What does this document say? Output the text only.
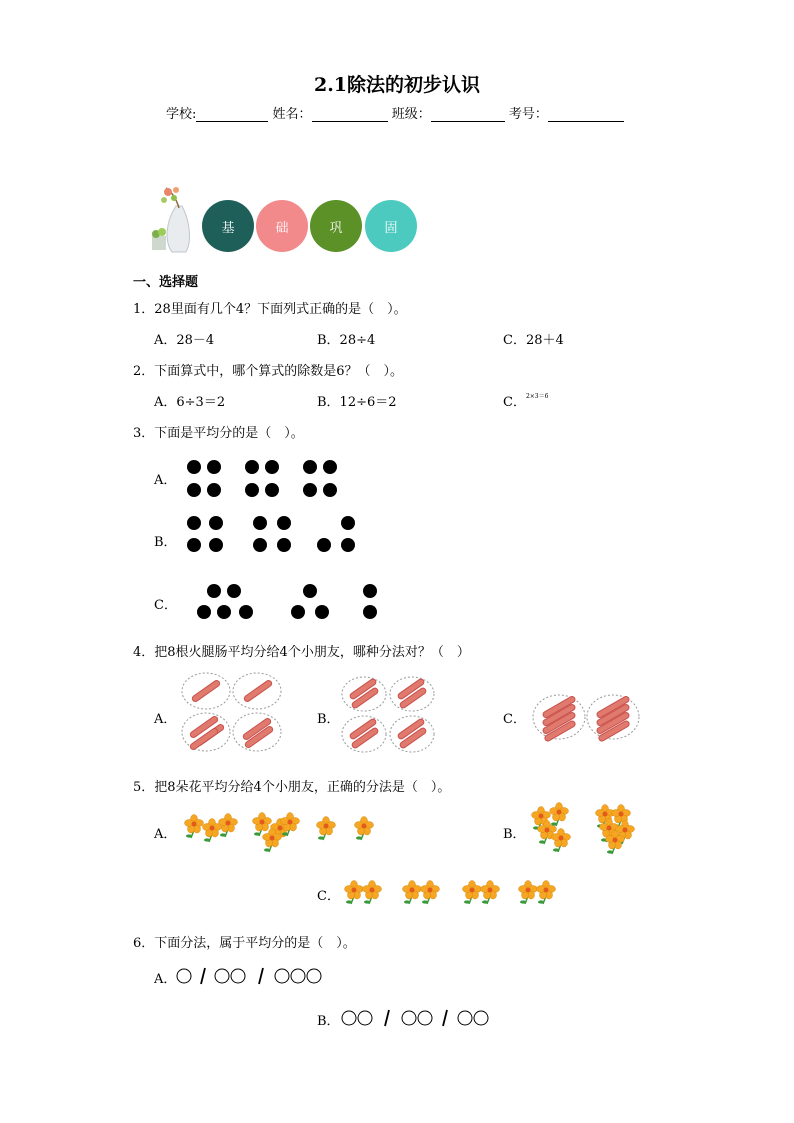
2.1除法的初步认识
学校:	姓名：	班级：	考号：
基	础	巩	固
一、选择题
1．28里面有几个4？下面列式正确的是（　）。
A．28－4	B．28÷4	C．28＋4
2．下面算式中，哪个算式的除数是6？（　）。
A．6÷3＝2	B．12÷6＝2	C．$^{2\times 3=6}$
3．下面是平均分的是（　）。
A．
B．
C．
4．把8根火腿肠平均分给4个小朋友，哪种分法对？（　）
A．	B．	C．
5．把8朵花平均分给4个小朋友，正确的分法是（　）。
A．	B．
C．
6．下面分法，属于平均分的是（　）。
A．
B．
